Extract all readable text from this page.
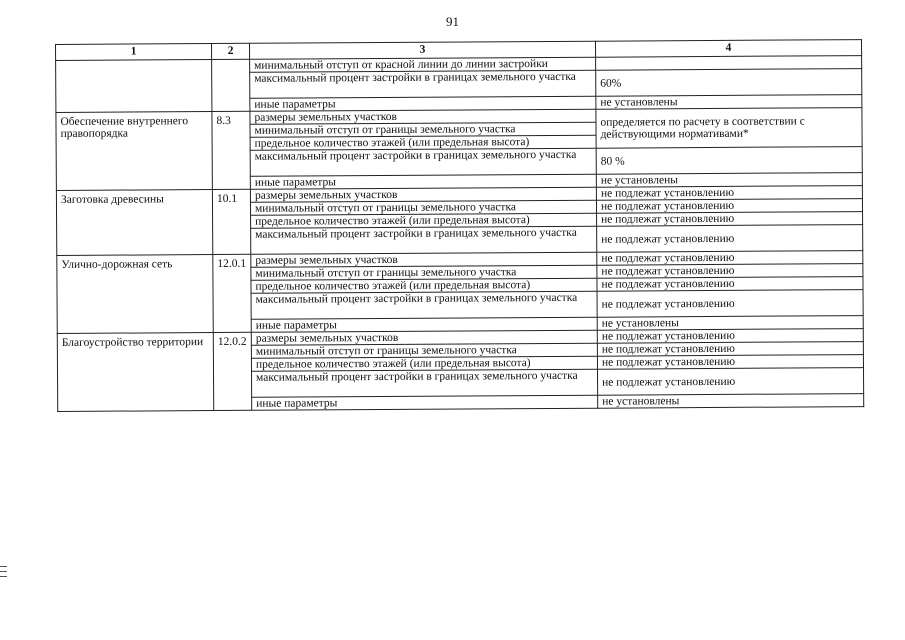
91
1	2	3	4
		минимальный отступ от красной линии до линии застройки	
		максимальный процент застройки в границах земельного участка	60%
		иные параметры	не установлены
Обеспечение внутреннего правопорядка	8.3	размеры земельных участков	определяется по расчету в соответствии с действующими нормативами*
		минимальный отступ от границы земельного участка	
		предельное количество этажей (или предельная высота)	
		максимальный процент застройки в границах земельного участка	80 %
		иные параметры	не установлены
Заготовка древесины	10.1	размеры земельных участков	не подлежат установлению
		минимальный отступ от границы земельного участка	не подлежат установлению
		предельное количество этажей (или предельная высота)	не подлежат установлению
		максимальный процент застройки в границах земельного участка	не подлежат установлению
Улично-дорожная сеть	12.0.1	размеры земельных участков	не подлежат установлению
		минимальный отступ от границы земельного участка	не подлежат установлению
		предельное количество этажей (или предельная высота)	не подлежат установлению
		максимальный процент застройки в границах земельного участка	не подлежат установлению
		иные параметры	не установлены
Благоустройство территории	12.0.2	размеры земельных участков	не подлежат установлению
		минимальный отступ от границы земельного участка	не подлежат установлению
		предельное количество этажей (или предельная высота)	не подлежат установлению
		максимальный процент застройки в границах земельного участка	не подлежат установлению
		иные параметры	не установлены
